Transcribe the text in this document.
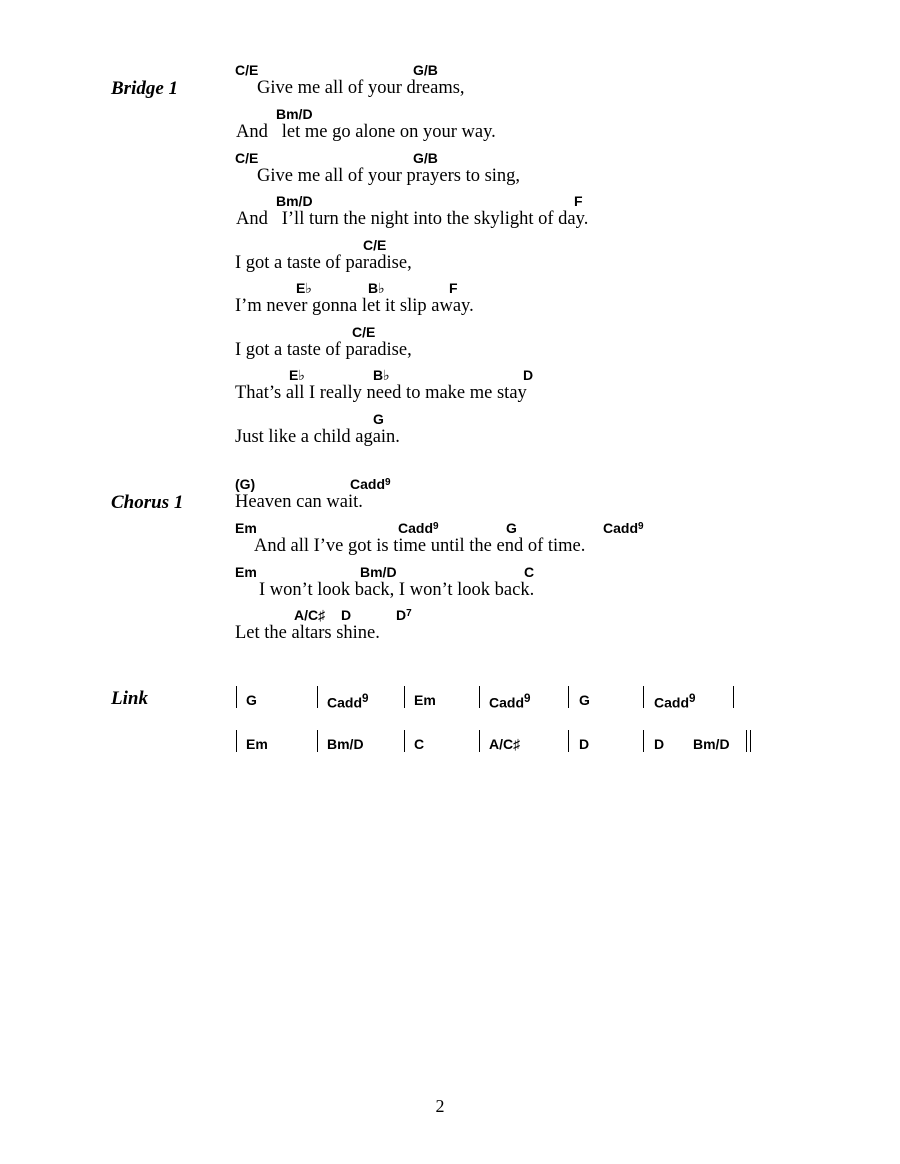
Bridge 1
C/E	G/B
Give me all of your dreams,
Bm/D
And   let me go alone on your way.
C/E	G/B
Give me all of your prayers to sing,
Bm/D	F
And   I’ll turn the night into the skylight of day.
C/E
I got a taste of paradise,
E♭	B♭	F
I’m never gonna let it slip away.
C/E
I got a taste of paradise,
E♭	B♭	D
That’s all I really need to make me stay
G
Just like a child again.
Chorus 1
(G)	Cadd$^9$
Heaven can wait.
Em	Cadd$^9$	G	Cadd$^9$
And all I’ve got is time until the end of time.
Em	Bm/D	C
I won’t look back, I won’t look back.
A/C♯ D	$D^7$
Let the altars shine.
Link	G	Cadd$^9$	Em	Cadd$^9$	G	Cadd$^9$
Em	Bm/D	C	A/C♯	D	D Bm/D
2
